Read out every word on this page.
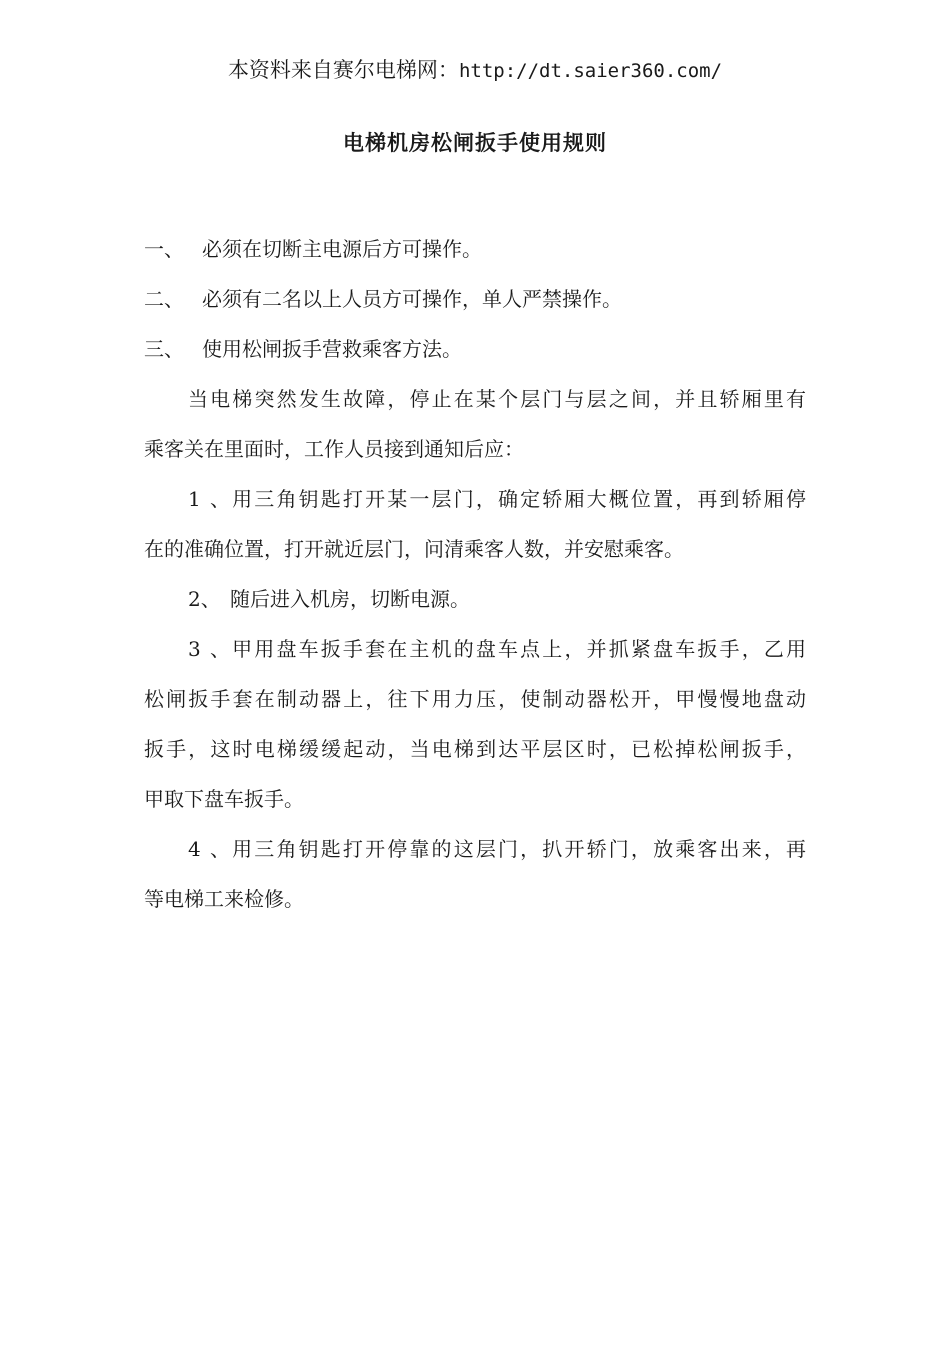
本资料来自赛尔电梯网：http://dt.saier360.com/
电梯机房松闸扳手使用规则
一、 必须在切断主电源后方可操作。
二、 必须有二名以上人员方可操作，单人严禁操作。
三、 使用松闸扳手营救乘客方法。
当电梯突然发生故障，停止在某个层门与层之间，并且轿厢里有
乘客关在里面时，工作人员接到通知后应：
1、用三角钥匙打开某一层门，确定轿厢大概位置，再到轿厢停
在的准确位置，打开就近层门，问清乘客人数，并安慰乘客。
2、 随后进入机房，切断电源。
3、甲用盘车扳手套在主机的盘车点上，并抓紧盘车扳手，乙用
松闸扳手套在制动器上，往下用力压，使制动器松开，甲慢慢地盘动
扳手，这时电梯缓缓起动，当电梯到达平层区时，已松掉松闸扳手，
甲取下盘车扳手。
4、用三角钥匙打开停靠的这层门，扒开轿门，放乘客出来，再
等电梯工来检修。
